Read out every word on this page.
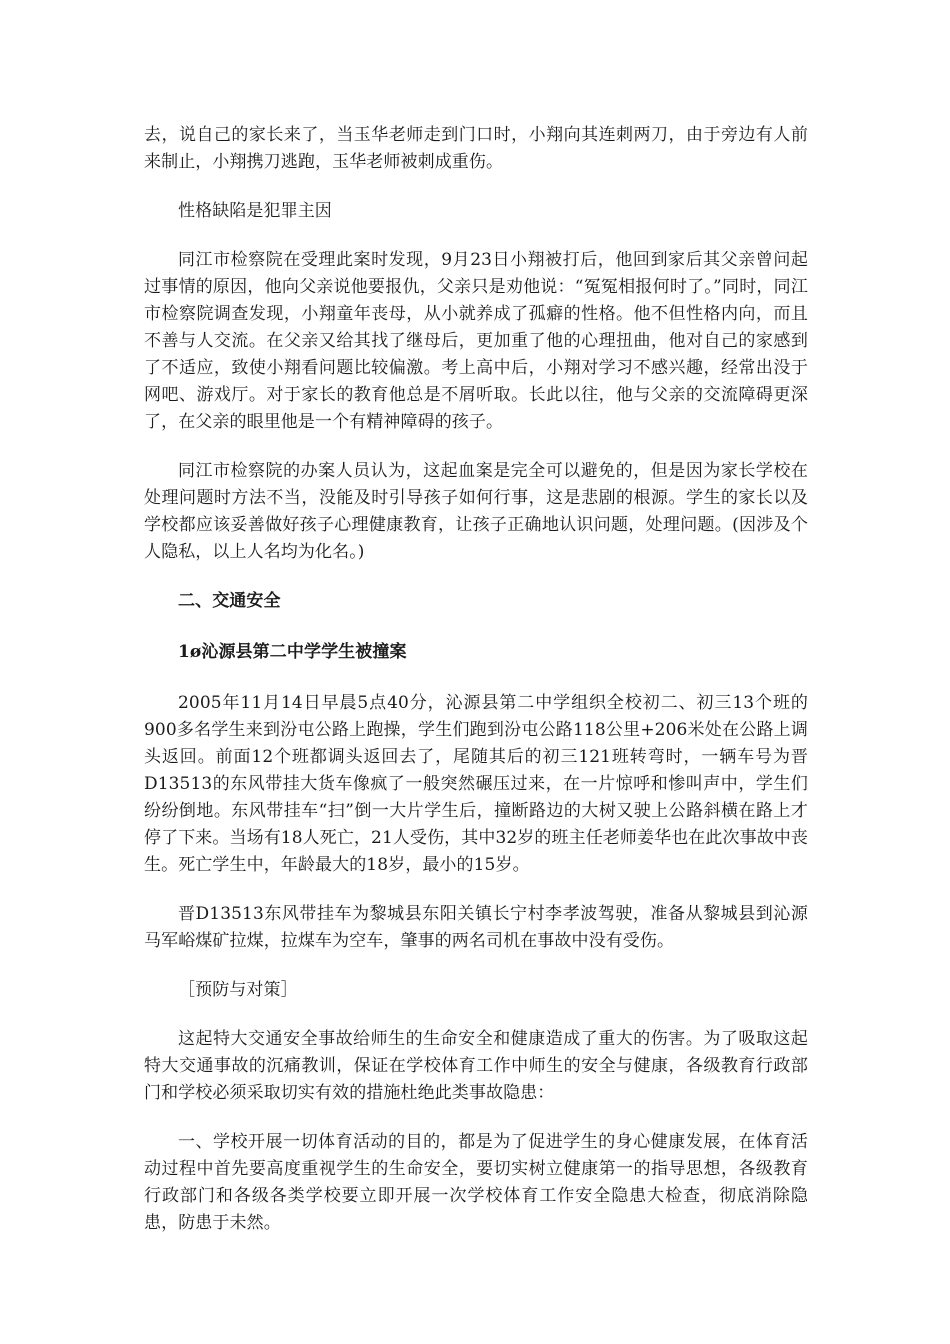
去，说自己的家长来了，当玉华老师走到门口时，小翔向其连刺两刀，由于旁边有人前来制止，小翔携刀逃跑，玉华老师被刺成重伤。

性格缺陷是犯罪主因

同江市检察院在受理此案时发现，9月23日小翔被打后，他回到家后其父亲曾问起过事情的原因，他向父亲说他要报仇，父亲只是劝他说：“冤冤相报何时了。”同时，同江市检察院调查发现，小翔童年丧母，从小就养成了孤癖的性格。他不但性格内向，而且不善与人交流。在父亲又给其找了继母后，更加重了他的心理扭曲，他对自己的家感到了不适应，致使小翔看问题比较偏激。考上高中后，小翔对学习不感兴趣，经常出没于网吧、游戏厅。对于家长的教育他总是不屑听取。长此以往，他与父亲的交流障碍更深了，在父亲的眼里他是一个有精神障碍的孩子。

同江市检察院的办案人员认为，这起血案是完全可以避免的，但是因为家长学校在处理问题时方法不当，没能及时引导孩子如何行事，这是悲剧的根源。学生的家长以及学校都应该妥善做好孩子心理健康教育，让孩子正确地认识问题，处理问题。(因涉及个人隐私，以上人名均为化名。)

二、交通安全

1ø沁源县第二中学学生被撞案

2005年11月14日早晨5点40分，沁源县第二中学组织全校初二、初三13个班的900多名学生来到汾屯公路上跑操，学生们跑到汾屯公路118公里+206米处在公路上调头返回。前面12个班都调头返回去了，尾随其后的初三121班转弯时，一辆车号为晋D13513的东风带挂大货车像疯了一般突然碾压过来，在一片惊呼和惨叫声中，学生们纷纷倒地。东风带挂车“扫”倒一大片学生后，撞断路边的大树又驶上公路斜横在路上才停了下来。当场有18人死亡，21人受伤，其中32岁的班主任老师姜华也在此次事故中丧生。死亡学生中，年龄最大的18岁，最小的15岁。

晋D13513东风带挂车为黎城县东阳关镇长宁村李孝波驾驶，准备从黎城县到沁源马军峪煤矿拉煤，拉煤车为空车，肇事的两名司机在事故中没有受伤。

［预防与对策］

这起特大交通安全事故给师生的生命安全和健康造成了重大的伤害。为了吸取这起特大交通事故的沉痛教训，保证在学校体育工作中师生的安全与健康，各级教育行政部门和学校必须采取切实有效的措施杜绝此类事故隐患：

一、学校开展一切体育活动的目的，都是为了促进学生的身心健康发展，在体育活动过程中首先要高度重视学生的生命安全，要切实树立健康第一的指导思想，各级教育行政部门和各级各类学校要立即开展一次学校体育工作安全隐患大检查，彻底消除隐患，防患于未然。
